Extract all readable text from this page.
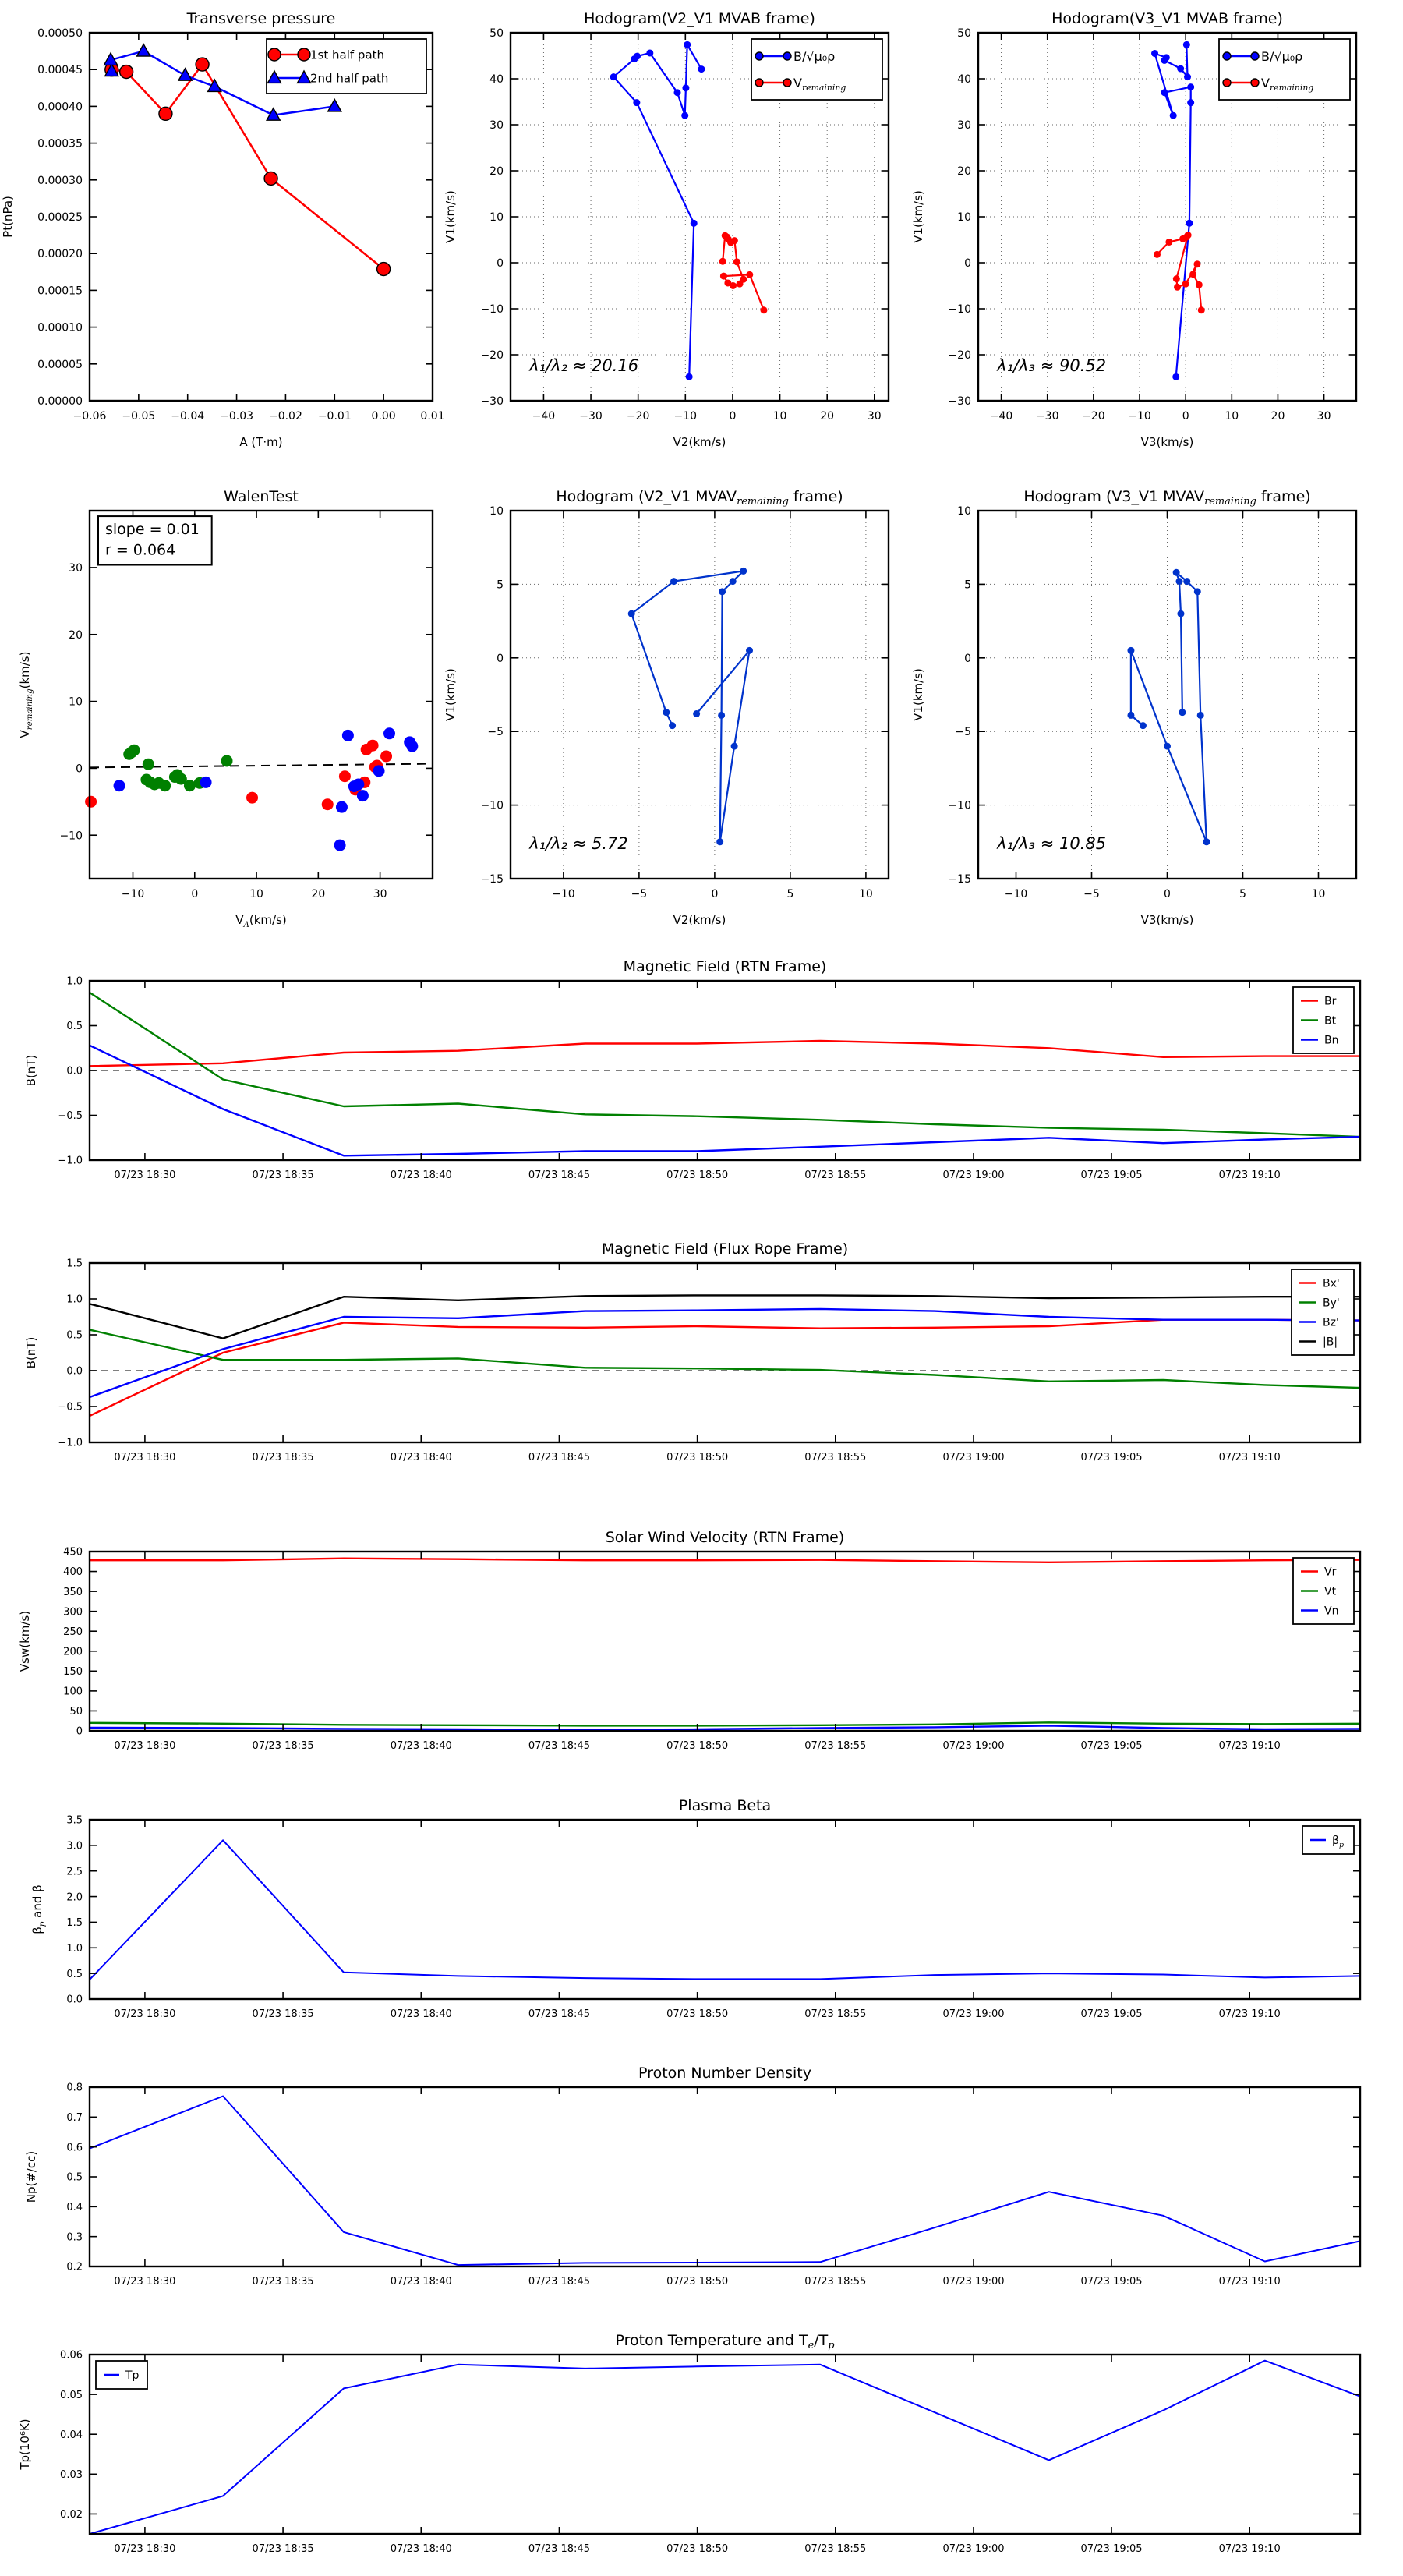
−0.06 −0.05 −0.04 −0.03 −0.02 −0.01 0.00 0.01
0.00000
0.00005
0.00010
0.00015
0.00020
0.00025
0.00030
0.00035
0.00040
0.00045
0.00050
Transverse pressure
A (T·m)
Pt(nPa)
1st half path
2nd half path
−40 −30 −20 −10	0	10	20	30
−30
−20
−10
0
10
20
30
40
50
Hodogram(V2_V1 MVAB frame)
V2(km/s)
V1(km/s)
B/√μ₀ρ
$V_{remaining}$
λ₁/λ₂ ≈ 20.16
−40 −30 −20 −10	0	10	20	30
−30
−20
−10
0
10
20
30
40
50
Hodogram(V3_V1 MVAB frame)
V3(km/s)
V1(km/s)
B/√μ₀ρ
$V_{remaining}$
λ₁/λ₃ ≈ 90.52
−10	0	10	20	30
−10
0
10
20
30
WalenTest
$V_A(km/s)$
$V_{remaining}(km/s)$
slope = 0.01
r = 0.064
−10	−5	0	5	10
−15
−10
−5
0
5
10
Hodogram (V2_V1 $MVAV_{remaining}$ frame)
V2(km/s)
V1(km/s)
λ₁/λ₂ ≈ 5.72
−10	−5	0	5	10
−15
−10
−5
0
5
10
Hodogram (V3_V1 $MVAV_{remaining}$ frame)
V3(km/s)
V1(km/s)
λ₁/λ₃ ≈ 10.85
07/23 18:30	07/23 18:35	07/23 18:40	07/23 18:45	07/23 18:50	07/23 18:55	07/23 19:00	07/23 19:05	07/23 19:10
−1.0
−0.5
0.0
0.5
1.0
Magnetic Field (RTN Frame)
B(nT)
Br
Bt
Bn
07/23 18:30	07/23 18:35	07/23 18:40	07/23 18:45	07/23 18:50	07/23 18:55	07/23 19:00	07/23 19:05	07/23 19:10
−1.0
−0.5
0.0
0.5
1.0
1.5
Magnetic Field (Flux Rope Frame)
B(nT)
Bx'
By'
Bz'
|B|
07/23 18:30	07/23 18:35	07/23 18:40	07/23 18:45	07/23 18:50	07/23 18:55	07/23 19:00	07/23 19:05	07/23 19:10
0
50
100
150
200
250
300
350
400
450
Solar Wind Velocity (RTN Frame)
Vsw(km/s)
Vr
Vt
Vn
07/23 18:30	07/23 18:35	07/23 18:40	07/23 18:45	07/23 18:50	07/23 18:55	07/23 19:00	07/23 19:05	07/23 19:10
0.0
0.5
1.0
1.5
2.0
2.5
3.0
3.5
Plasma Beta
$\beta_p$ and β
$\beta_p$
07/23 18:30	07/23 18:35	07/23 18:40	07/23 18:45	07/23 18:50	07/23 18:55	07/23 19:00	07/23 19:05	07/23 19:10
0.2
0.3
0.4
0.5
0.6
0.7
0.8
Proton Number Density
Np(#/cc)
07/23 18:30	07/23 18:35	07/23 18:40	07/23 18:45	07/23 18:50	07/23 18:55	07/23 19:00	07/23 19:05	07/23 19:10
0.02
0.03
0.04
0.05
0.06
Proton Temperature and $T_e/T_p$
Tp(10⁶K)
Tp
